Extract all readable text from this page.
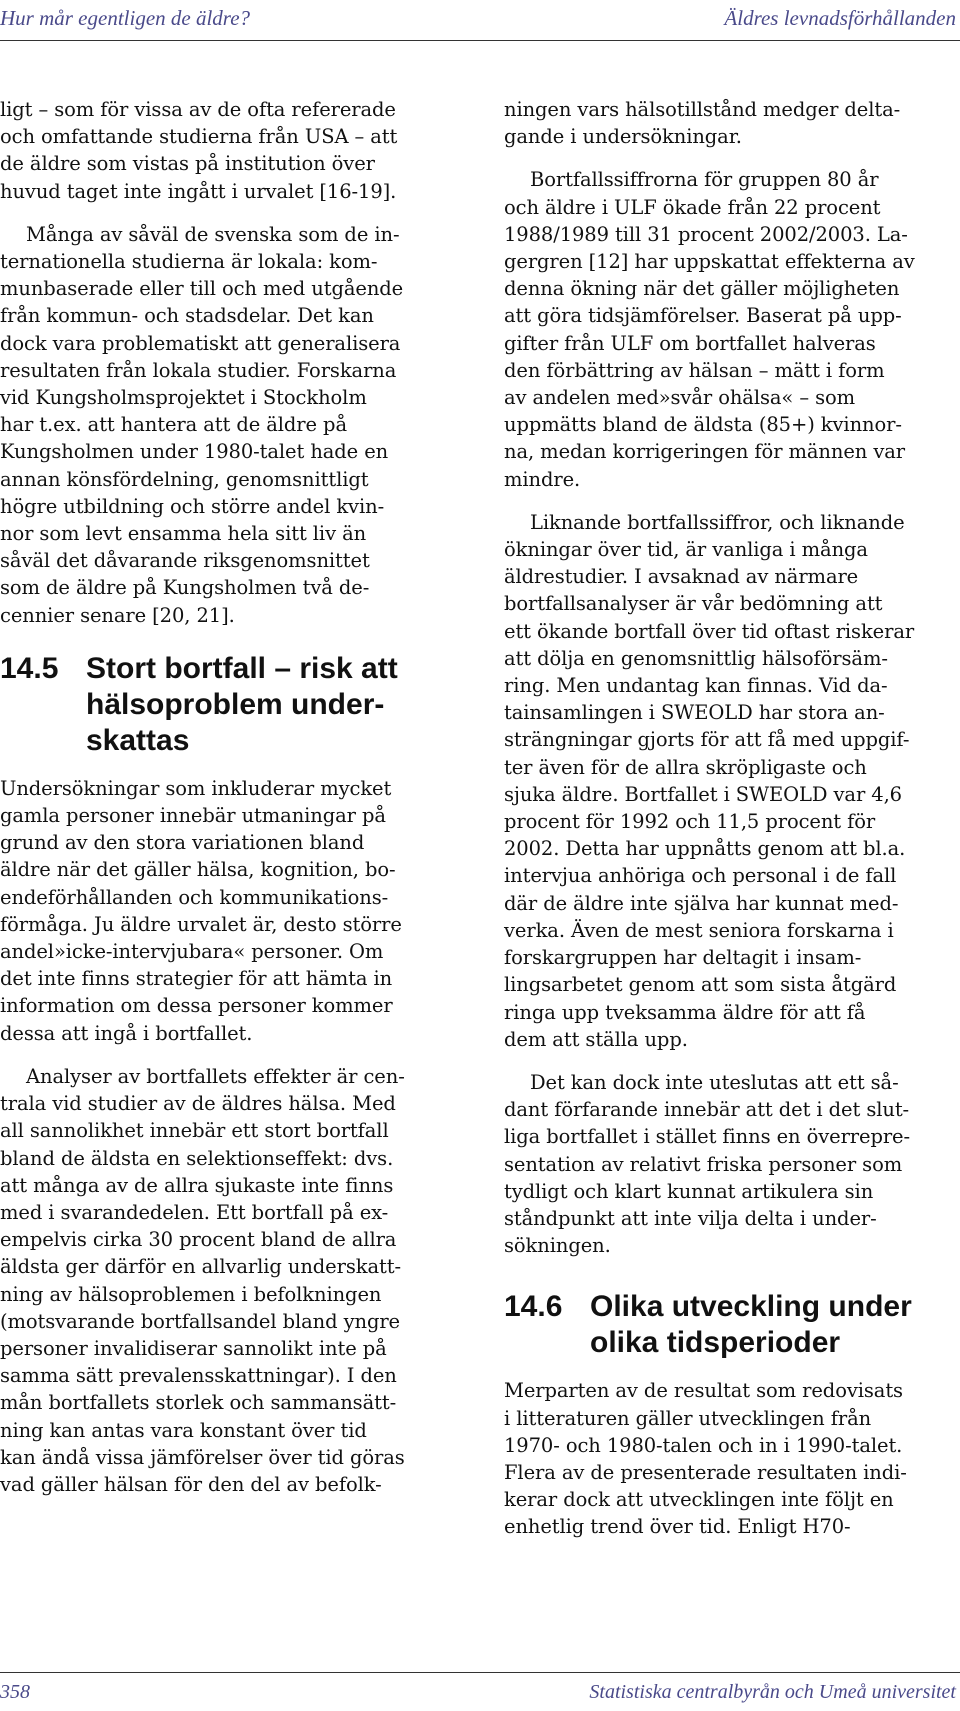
Hur mår egentligen de äldre?	Äldres levnadsförhållanden

ligt – som för vissa av de ofta refererade
och omfattande studierna från USA – att
de äldre som vistas på institution över
huvud taget inte ingått i urvalet [16-19].

Många av såväl de svenska som de in-
ternationella studierna är lokala: kom-
munbaserade eller till och med utgående
från kommun- och stadsdelar. Det kan
dock vara problematiskt att generalisera
resultaten från lokala studier. Forskarna
vid Kungsholmsprojektet i Stockholm
har t.ex. att hantera att de äldre på
Kungsholmen under 1980-talet hade en
annan könsfördelning, genomsnittligt
högre utbildning och större andel kvin-
nor som levt ensamma hela sitt liv än
såväl det dåvarande riksgenomsnittet
som de äldre på Kungsholmen två de-
cennier senare [20, 21].

14.5 Stort bortfall – risk att
hälsoproblem under-
skattas

Undersökningar som inkluderar mycket
gamla personer innebär utmaningar på
grund av den stora variationen bland
äldre när det gäller hälsa, kognition, bo-
endeförhållanden och kommunikations-
förmåga. Ju äldre urvalet är, desto större
andel»icke-intervjubara« personer. Om
det inte finns strategier för att hämta in
information om dessa personer kommer
dessa att ingå i bortfallet.

Analyser av bortfallets effekter är cen-
trala vid studier av de äldres hälsa. Med
all sannolikhet innebär ett stort bortfall
bland de äldsta en selektionseffekt: dvs.
att många av de allra sjukaste inte finns
med i svarandedelen. Ett bortfall på ex-
empelvis cirka 30 procent bland de allra
äldsta ger därför en allvarlig underskatt-
ning av hälsoproblemen i befolkningen
(motsvarande bortfallsandel bland yngre
personer invalidiserar sannolikt inte på
samma sätt prevalensskattningar). I den
mån bortfallets storlek och sammansätt-
ning kan antas vara konstant över tid
kan ändå vissa jämförelser över tid göras
vad gäller hälsan för den del av befolk-

ningen vars hälsotillstånd medger delta-
gande i undersökningar.

Bortfallssiffrorna för gruppen 80 år
och äldre i ULF ökade från 22 procent
1988/1989 till 31 procent 2002/2003. La-
gergren [12] har uppskattat effekterna av
denna ökning när det gäller möjligheten
att göra tidsjämförelser. Baserat på upp-
gifter från ULF om bortfallet halveras
den förbättring av hälsan – mätt i form
av andelen med»svår ohälsa« – som
uppmätts bland de äldsta (85+) kvinnor-
na, medan korrigeringen för männen var
mindre.

Liknande bortfallssiffror, och liknande
ökningar över tid, är vanliga i många
äldrestudier. I avsaknad av närmare
bortfallsanalyser är vår bedömning att
ett ökande bortfall över tid oftast riskerar
att dölja en genomsnittlig hälsoförsäm-
ring. Men undantag kan finnas. Vid da-
tainsamlingen i SWEOLD har stora an-
strängningar gjorts för att få med uppgif-
ter även för de allra skröpligaste och
sjuka äldre. Bortfallet i SWEOLD var 4,6
procent för 1992 och 11,5 procent för
2002. Detta har uppnåtts genom att bl.a.
intervjua anhöriga och personal i de fall
där de äldre inte själva har kunnat med-
verka. Även de mest seniora forskarna i
forskargruppen har deltagit i insam-
lingsarbetet genom att som sista åtgärd
ringa upp tveksamma äldre för att få
dem att ställa upp.

Det kan dock inte uteslutas att ett så-
dant förfarande innebär att det i det slut-
liga bortfallet i stället finns en överrepre-
sentation av relativt friska personer som
tydligt och klart kunnat artikulera sin
ståndpunkt att inte vilja delta i under-
sökningen.

14.6 Olika utveckling under
olika tidsperioder

Merparten av de resultat som redovisats
i litteraturen gäller utvecklingen från
1970- och 1980-talen och in i 1990-talet.
Flera av de presenterade resultaten indi-
kerar dock att utvecklingen inte följt en
enhetlig trend över tid. Enligt H70-

358	Statistiska centralbyrån och Umeå universitet
